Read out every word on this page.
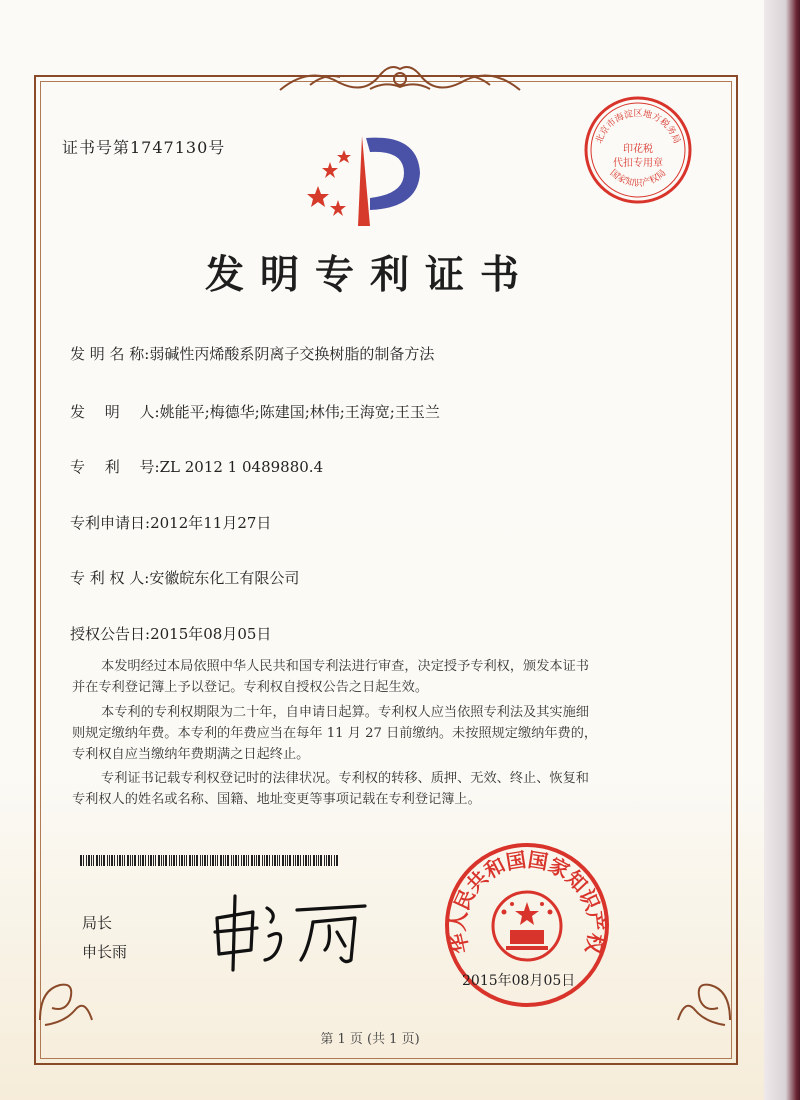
证书号第1747130号	北京市海淀区地方税务局
国家知识产权局
印花税
代扣专用章
发明专利证书
发 明 名 称:弱碱性丙烯酸系阴离子交换树脂的制备方法
发　 明　 人:姚能平;梅德华;陈建国;林伟;王海宽;王玉兰
专　 利　 号:ZL 2012 1 0489880.4
专利申请日:2012年11月27日
专 利 权 人:安徽皖东化工有限公司
授权公告日:2015年08月05日
本发明经过本局依照中华人民共和国专利法进行审查，决定授予专利权，颁发本证书
并在专利登记簿上予以登记。专利权自授权公告之日起生效。
本专利的专利权期限为二十年，自申请日起算。专利权人应当依照专利法及其实施细
则规定缴纳年费。本专利的年费应当在每年 11 月 27 日前缴纳。未按照规定缴纳年费的，
专利权自应当缴纳年费期满之日起终止。
专利证书记载专利权登记时的法律状况。专利权的转移、质押、无效、终止、恢复和
专利权人的姓名或名称、国籍、地址变更等事项记载在专利登记簿上。
局长
申长雨	华人民共和国国家知识产权
2015年08月05日
第 1 页 (共 1 页)
